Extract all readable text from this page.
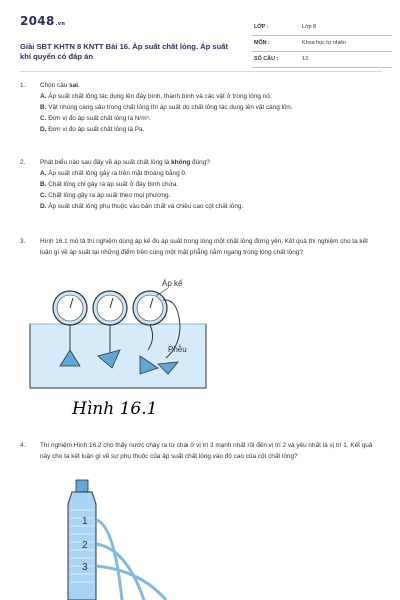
2048.vn
Giải SBT KHTN 8 KNTT Bài 16. Áp suất chất lỏng. Áp suất khí quyển có đáp án
LỚP :	Lớp 8
MÔN :	Khoa học tự nhiên
SỐ CÂU :	13
1. Chọn câu sai.
A. Áp suất chất lỏng tác dụng lên đáy bình, thành bình và các vật ở trong lòng nó.
B. Vật nhúng càng sâu trong chất lỏng thì áp suất do chất lỏng tác dụng lên vật càng lớn.
C. Đơn vị đo áp suất chất lỏng là N/m³.
D. Đơn vị đo áp suất chất lỏng là Pa.
2. Phát biểu nào sau đây về áp suất chất lỏng là không đúng?
A. Áp suất chất lỏng gây ra trên mặt thoáng bằng 0.
B. Chất lỏng chỉ gây ra áp suất ở đáy bình chứa.
C. Chất lỏng gây ra áp suất theo mọi phương.
D. Áp suất chất lỏng phụ thuộc vào bản chất và chiều cao cột chất lỏng.
3. Hình 16.1 mô tả thí nghiệm dùng áp kế đo áp suất trong lòng một chất lỏng đứng yên. Kết quả thí nghiệm cho ta kết luận gì về áp suất tại những điểm trên cùng một mặt phẳng nằm ngang trong lòng chất lỏng?
Áp kế
Phễu
Hình 16.1
4. Thí nghiệm Hình 16.2 cho thấy nước chảy ra từ chai ở vị trí 3 mạnh nhất rồi đến vị trí 2 và yếu nhất là vị trí 1. Kết quả này cho ta kết luận gì về sự phụ thuộc của áp suất chất lỏng vào độ cao của cột chất lỏng?
1
2
3
